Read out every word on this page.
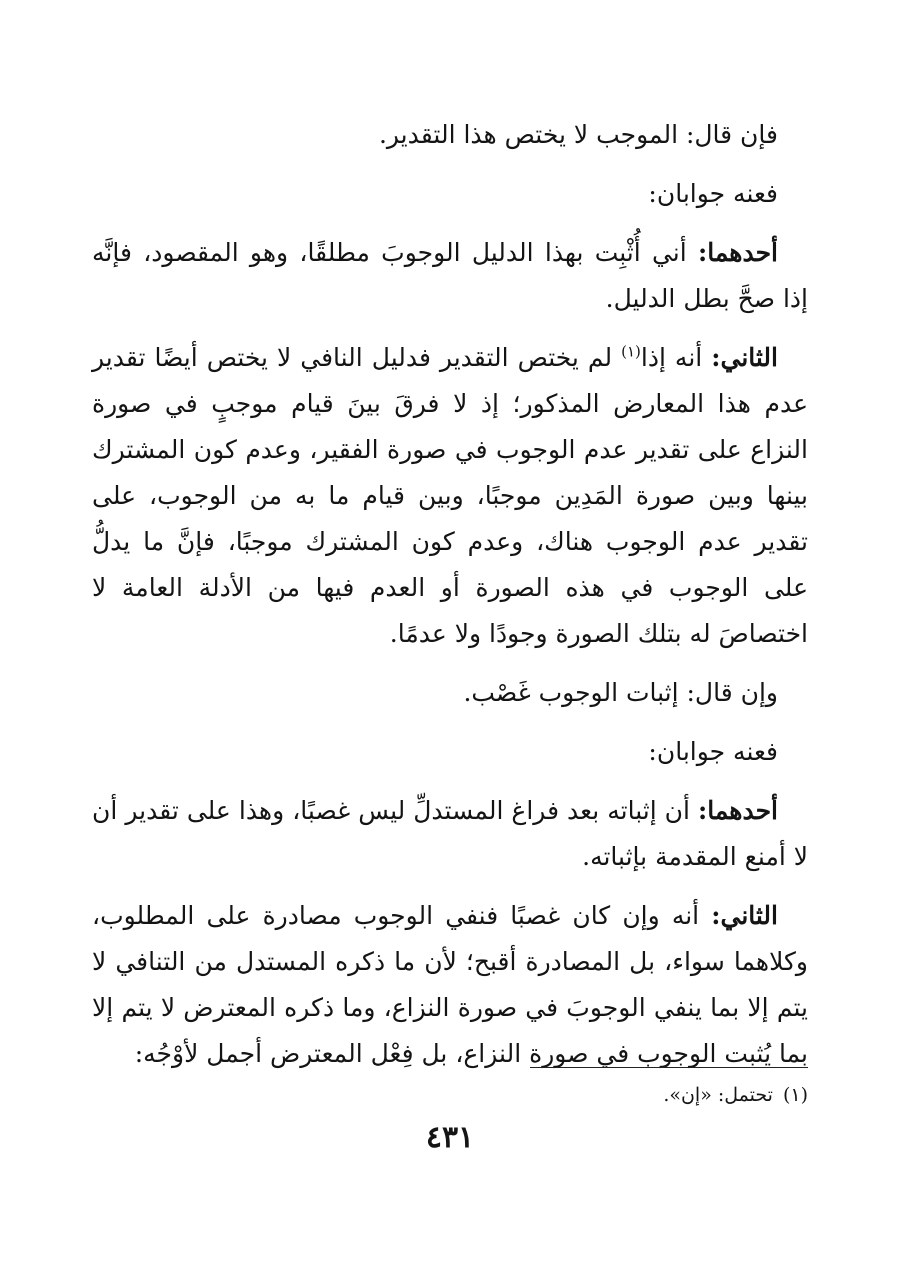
فإن قال: الموجب لا يختص هذا التقدير.

فعنه جوابان:

أحدهما: أني أُثْبِت بهذا الدليل الوجوبَ مطلقًا، وهو المقصود، فإنَّه إذا صحَّ بطل الدليل.

الثاني: أنه إذا$^{(١)}$ لم يختص التقدير فدليل النافي لا يختص أيضًا تقدير عدم هذا المعارض المذكور؛ إذ لا فرقَ بينَ قيام موجبٍ في صورة النزاع على تقدير عدم الوجوب في صورة الفقير، وعدم كون المشترك بينها وبين صورة المَدِين موجبًا، وبين قيام ما به من الوجوب، على تقدير عدم الوجوب هناك، وعدم كون المشترك موجبًا، فإنَّ ما يدلُّ على الوجوب في هذه الصورة أو العدم فيها من الأدلة العامة لا اختصاصَ له بتلك الصورة وجودًا ولا عدمًا.

وإن قال: إثبات الوجوب غَصْب.

فعنه جوابان:

أحدهما: أن إثباته بعد فراغ المستدلِّ ليس غصبًا، وهذا على تقدير أن لا أمنع المقدمة بإثباته.

الثاني: أنه وإن كان غصبًا فنفي الوجوب مصادرة على المطلوب، وكلاهما سواء، بل المصادرة أقبح؛ لأن ما ذكره المستدل من التنافي لا يتم إلا بما ينفي الوجوبَ في صورة النزاع، وما ذكره المعترض لا يتم إلا بما يُثبت الوجوب في صورة النزاع، بل فِعْل المعترض أجمل لأوْجُه:

(١)تحتمل: «إن».
٤٣١
